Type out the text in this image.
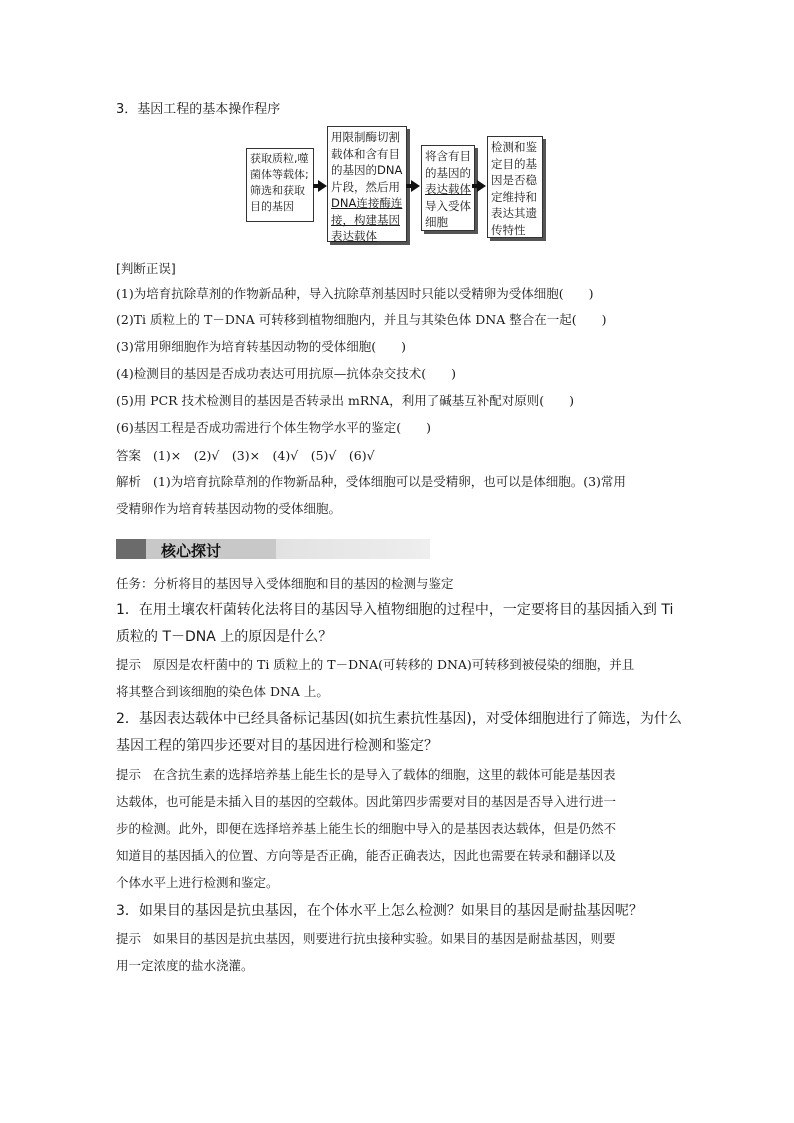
3．基因工程的基本操作程序
获取质粒,噬菌体等载体;筛选和获取目的基因
用限制酶切割
载体和含有目
的基因的DNA
片段，然后用
DNA连接酶连
接，构建基因
表达载体
将含有目
的基因的
表达载体
导入受体
细胞
检测和鉴
定目的基
因是否稳
定维持和
表达其遗
传特性
[判断正误]
(1)为培育抗除草剂的作物新品种，导入抗除草剂基因时只能以受精卵为受体细胞(　　)
(2)Ti 质粒上的 T－DNA 可转移到植物细胞内，并且与其染色体 DNA 整合在一起(　　)
(3)常用卵细胞作为培育转基因动物的受体细胞(　　)
(4)检测目的基因是否成功表达可用抗原—抗体杂交技术(　　)
(5)用 PCR 技术检测目的基因是否转录出 mRNA，利用了碱基互补配对原则(　　)
(6)基因工程是否成功需进行个体生物学水平的鉴定(　　)
答案 (1)×　(2)√　(3)×　(4)√　(5)√　(6)√
解析 (1)为培育抗除草剂的作物新品种，受体细胞可以是受精卵，也可以是体细胞。(3)常用
受精卵作为培育转基因动物的受体细胞。
核心探讨
任务：分析将目的基因导入受体细胞和目的基因的检测与鉴定
1．在用土壤农杆菌转化法将目的基因导入植物细胞的过程中，一定要将目的基因插入到 Ti
质粒的 T－DNA 上的原因是什么？
提示 原因是农杆菌中的 Ti 质粒上的 T－DNA(可转移的 DNA)可转移到被侵染的细胞，并且
将其整合到该细胞的染色体 DNA 上。
2．基因表达载体中已经具备标记基因(如抗生素抗性基因)，对受体细胞进行了筛选，为什么
基因工程的第四步还要对目的基因进行检测和鉴定？
提示 在含抗生素的选择培养基上能生长的是导入了载体的细胞，这里的载体可能是基因表
达载体，也可能是未插入目的基因的空载体。因此第四步需要对目的基因是否导入进行进一
步的检测。此外，即便在选择培养基上能生长的细胞中导入的是基因表达载体，但是仍然不
知道目的基因插入的位置、方向等是否正确，能否正确表达，因此也需要在转录和翻译以及
个体水平上进行检测和鉴定。
3．如果目的基因是抗虫基因，在个体水平上怎么检测？如果目的基因是耐盐基因呢？
提示 如果目的基因是抗虫基因，则要进行抗虫接种实验。如果目的基因是耐盐基因，则要
用一定浓度的盐水浇灌。
